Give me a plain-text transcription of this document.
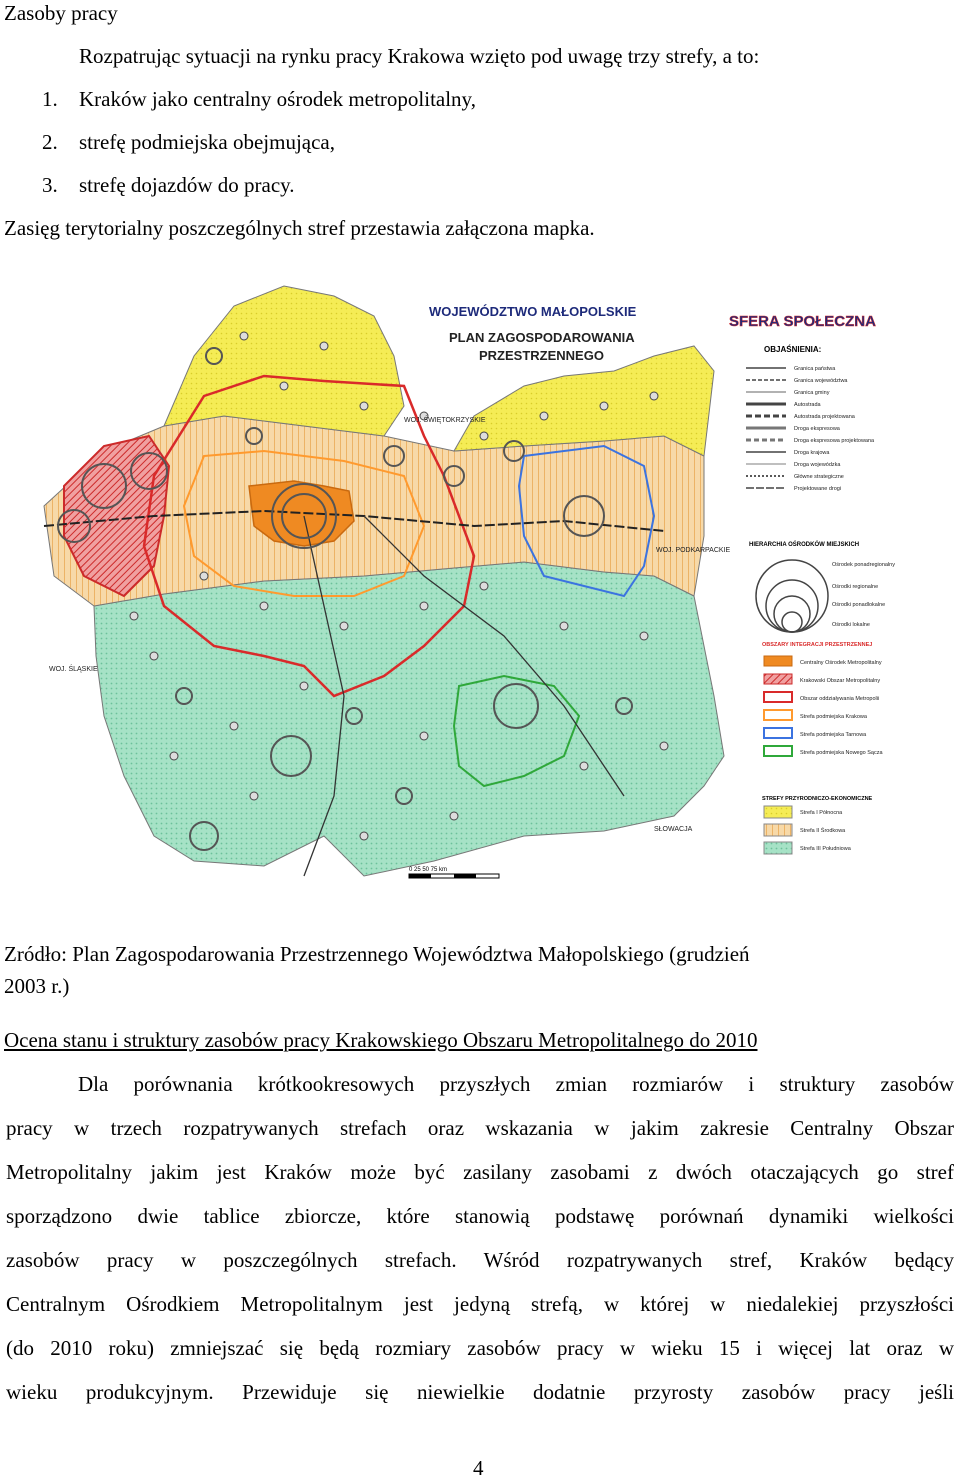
Zasoby pracy
Rozpatrując sytuacji na rynku pracy Krakowa wzięto pod uwagę trzy strefy, a to:
1. Kraków jako centralny ośrodek metropolitalny,
2. strefę podmiejska obejmująca,
3. strefę dojazdów do pracy.
Zasięg terytorialny poszczególnych stref przestawia załączona mapka.
WOJ. ŚWIĘTOKRZYSKIE
WOJ. PODKARPACKIE
WOJ. ŚLĄSKIE
SŁOWACJA
0 25 50 75 km
WOJEWÓDZTWO MAŁOPOLSKIE
PLAN ZAGOSPODAROWANIA
PRZESTRZENNEGO
SFERA SPOŁECZNA
OBJAŚNIENIA:
Granica państwa
Granica województwa
Granica gminy
Autostrada
Autostrada projektowana
Droga ekspresowa
Droga ekspresowa projektowana
Droga krajowa
Droga wojewódzka
Główne strategiczne
Projektowane drogi
HIERARCHIA OŚRODKÓW MIEJSKICH
Ośrodek ponadregionalny
Ośrodki regionalne
Ośrodki ponadlokalne
Ośrodki lokalne
OBSZARY INTEGRACJI PRZESTRZENNEJ
Centralny Ośrodek Metropolitalny
Krakowski Obszar Metropolitalny
Obszar oddziaływania Metropolii
Strefa podmiejska Krakowa
Strefa podmiejska Tarnowa
Strefa podmiejska Nowego Sącza
STREFY PRZYRODNICZO-EKONOMICZNE
Strefa I Północna
Strefa II Środkowa
Strefa III Południowa
Zródło: Plan Zagospodarowania Przestrzennego Województwa Małopolskiego (grudzień
2003 r.)
Ocena stanu i struktury zasobów pracy Krakowskiego Obszaru Metropolitalnego do 2010
Dla porównania krótkookresowych przyszłych zmian rozmiarów i struktury zasobów
pracy w trzech rozpatrywanych strefach oraz wskazania w jakim zakresie Centralny Obszar
Metropolitalny jakim jest Kraków może być zasilany zasobami z dwóch otaczających go stref
sporządzono dwie tablice zbiorcze, które stanowią podstawę porównań dynamiki wielkości
zasobów pracy w poszczególnych strefach. Wśród rozpatrywanych stref, Kraków będący
Centralnym Ośrodkiem Metropolitalnym jest jedyną strefą, w której w niedalekiej przyszłości
(do 2010 roku) zmniejszać się będą rozmiary zasobów pracy w wieku 15 i więcej lat oraz w
wieku produkcyjnym. Przewiduje się niewielkie dodatnie przyrosty zasobów pracy jeśli
4
